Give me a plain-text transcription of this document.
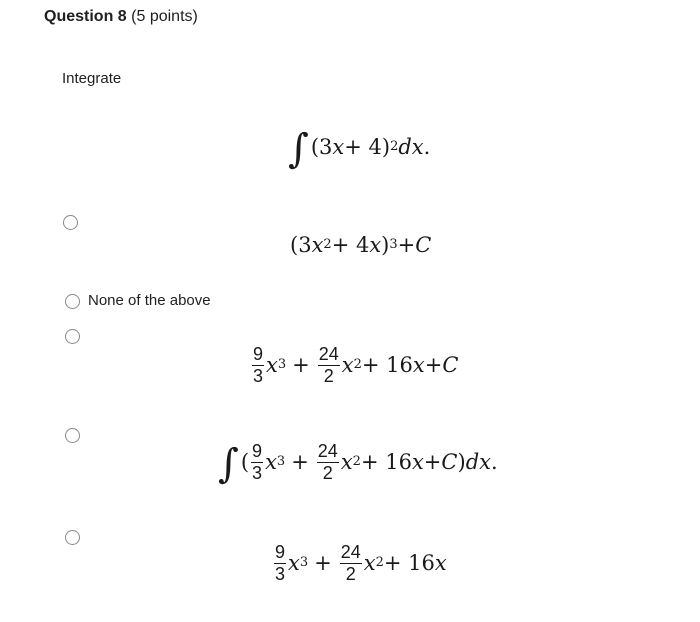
Question 8 (5 points)
Integrate
∫ (3 x + 4) 2 dx .
(3 x 2 + 4 x ) 3 + C
None of the above
$\frac{9}{3}$ x $3 + \frac{24}{2}$ x 2 + 16 x + C
∫ ( $\frac{9}{3}$ x $3 + \frac{24}{2}$ x 2 + 16 x + C ) dx .
$\frac{9}{3}$ x $3 + \frac{24}{2}$ x 2 + 16 x
